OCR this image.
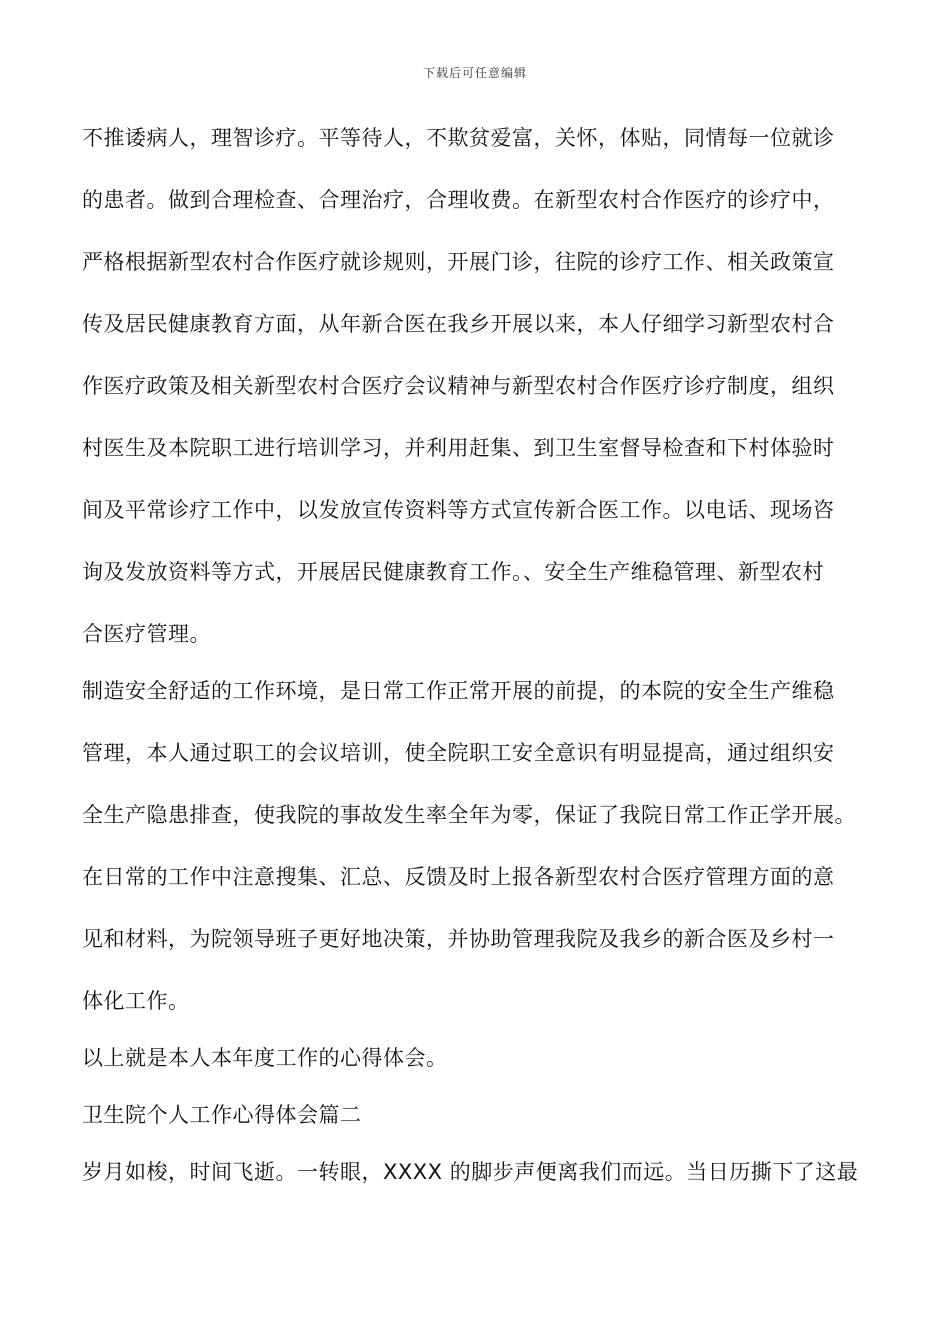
下载后可任意编辑
不推诿病人，理智诊疗。平等待人，不欺贫爱富，关怀，体贴，同情每一位就诊
的患者。做到合理检查、合理治疗，合理收费。在新型农村合作医疗的诊疗中，
严格根据新型农村合作医疗就诊规则，开展门诊，往院的诊疗工作、相关政策宣
传及居民健康教育方面，从年新合医在我乡开展以来，本人仔细学习新型农村合
作医疗政策及相关新型农村合医疗会议精神与新型农村合作医疗诊疗制度，组织
村医生及本院职工进行培训学习，并利用赶集、到卫生室督导检查和下村体验时
间及平常诊疗工作中，以发放宣传资料等方式宣传新合医工作。以电话、现场咨
询及发放资料等方式，开展居民健康教育工作。、安全生产维稳管理、新型农村
合医疗管理。
制造安全舒适的工作环境，是日常工作正常开展的前提，的本院的安全生产维稳
管理，本人通过职工的会议培训，使全院职工安全意识有明显提高，通过组织安
全生产隐患排查，使我院的事故发生率全年为零，保证了我院日常工作正学开展。
在日常的工作中注意搜集、汇总、反馈及时上报各新型农村合医疗管理方面的意
见和材料，为院领导班子更好地决策，并协助管理我院及我乡的新合医及乡村一
体化工作。
以上就是本人本年度工作的心得体会。
卫生院个人工作心得体会篇二
岁月如梭，时间飞逝。一转眼，XXXX 的脚步声便离我们而远。当日历撕下了这最
